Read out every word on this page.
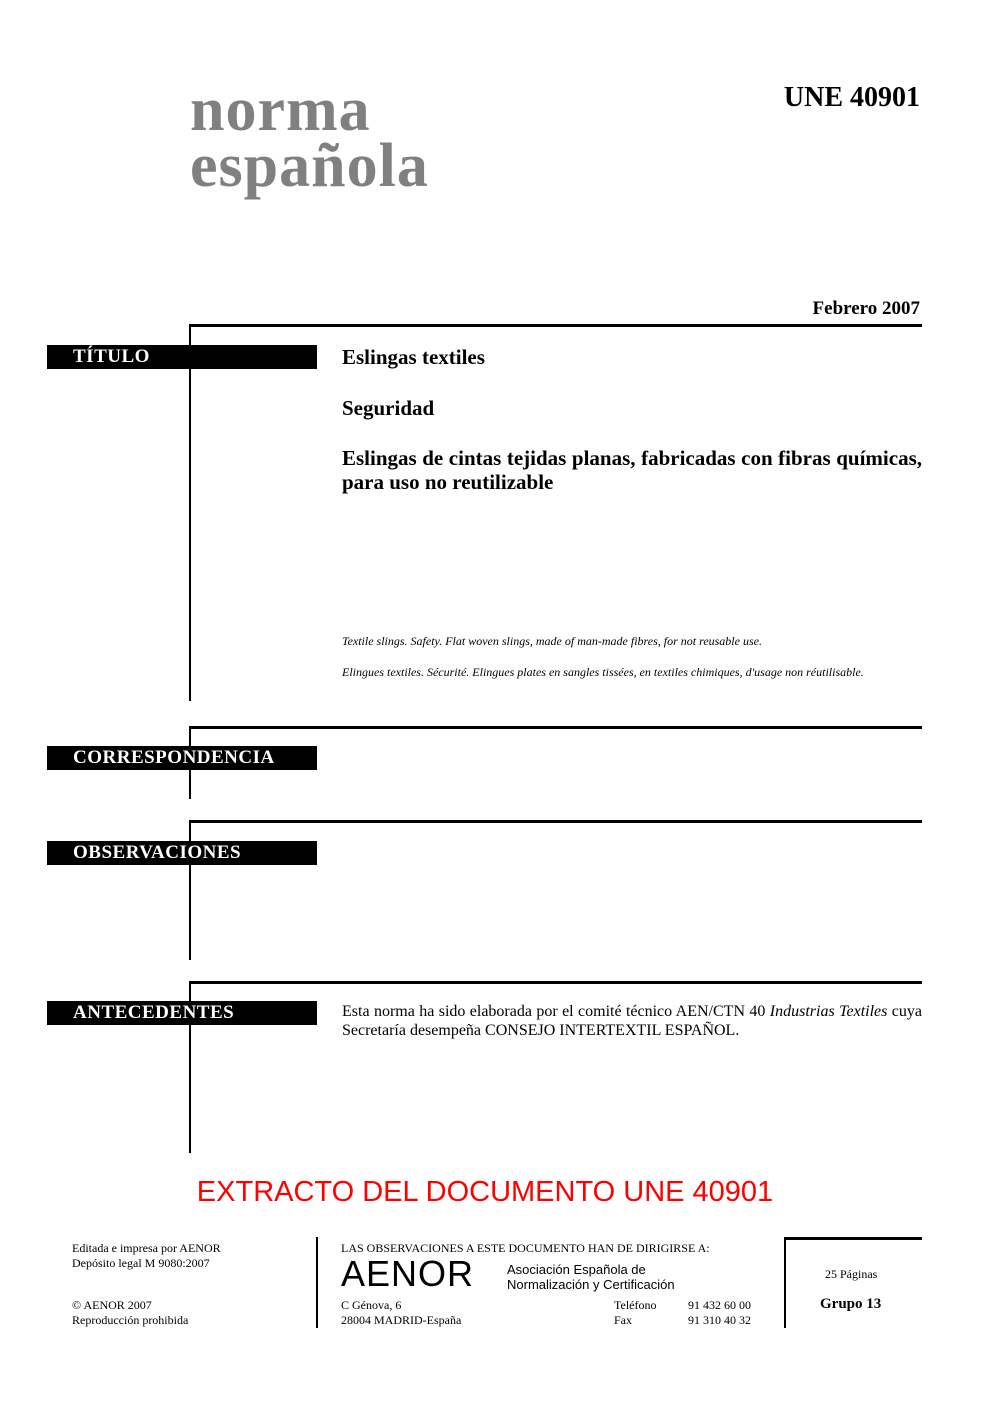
norma
española
UNE 40901
Febrero 2007
TÍTULO	Eslingas textiles
Seguridad
Eslingas de cintas tejidas planas, fabricadas con fibras químicas, para uso no reutilizable
Textile slings. Safety. Flat woven slings, made of man-made fibres, for not reusable use.
Elingues textiles. Sécurité. Elingues plates en sangles tissées, en textiles chimiques, d'usage non réutilisable.
CORRESPONDENCIA
OBSERVACIONES
ANTECEDENTES	Esta norma ha sido elaborada por el comité técnico AEN/CTN 40 Industrias Textiles cuya Secretaría desempeña CONSEJO INTERTEXTIL ESPAÑOL.
EXTRACTO DEL DOCUMENTO UNE 40901
Editada e impresa por AENOR
Depósito legal M 9080:2007
© AENOR 2007
Reproducción prohibida
LAS OBSERVACIONES A ESTE DOCUMENTO HAN DE DIRIGIRSE A:
AENOR	Asociación Española de
Normalización y Certificación
C Génova, 6
28004 MADRID-España
Teléfono	91 432 60 00
Fax	91 310 40 32
25 Páginas
Grupo 13
